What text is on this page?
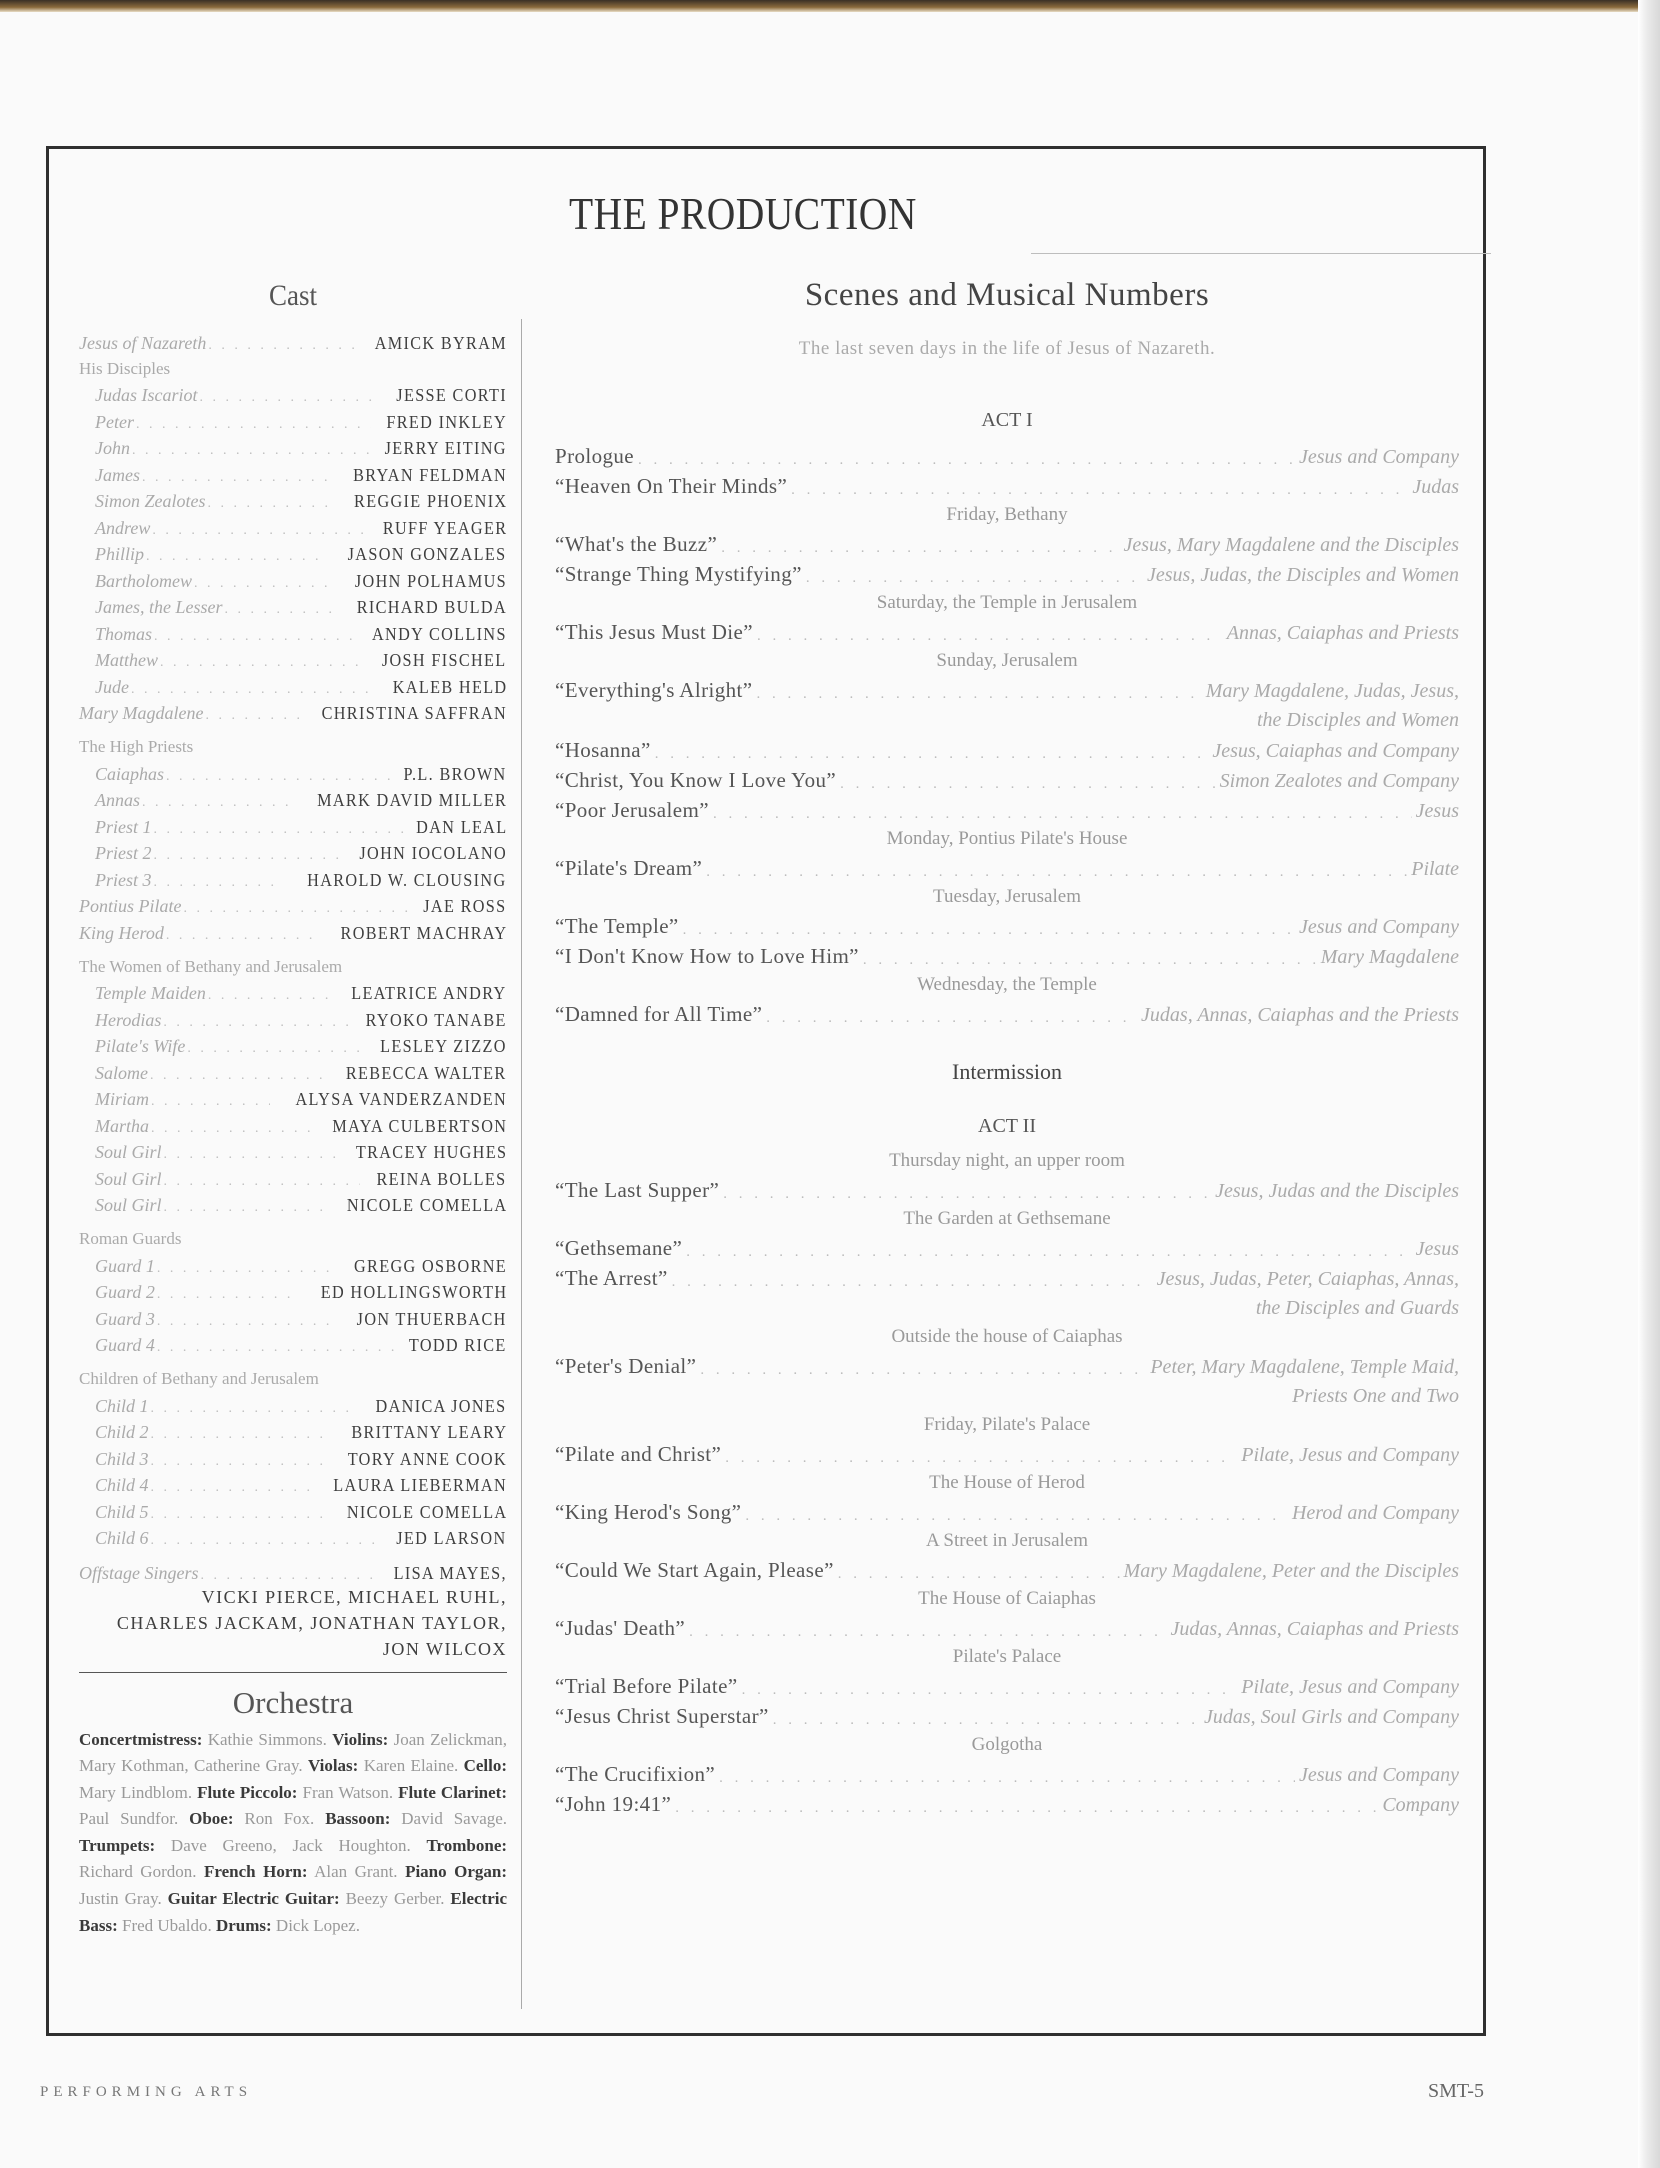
THE PRODUCTION
Cast
Jesus of Nazareth . . .	AMICK BYRAM
His Disciples
Judas Iscariot . . .	JESSE CORTI
Peter . . .	FRED INKLEY
John . . .	JERRY EITING
James . . .	BRYAN FELDMAN
Simon Zealotes . . .	REGGIE PHOENIX
Andrew . . .	RUFF YEAGER
Phillip . . .	JASON GONZALES
Bartholomew . . .	JOHN POLHAMUS
James, the Lesser . . .	RICHARD BULDA
Thomas . . .	ANDY COLLINS
Matthew . . .	JOSH FISCHEL
Jude . . .	KALEB HELD
Mary Magdalene . . .	CHRISTINA SAFFRAN
The High Priests
Caiaphas . . .	P.L. BROWN
Annas . . .	MARK DAVID MILLER
Priest 1 . . .	DAN LEAL
Priest 2 . . .	JOHN IOCOLANO
Priest 3 . . .	HAROLD W. CLOUSING
Pontius Pilate . . .	JAE ROSS
King Herod . . .	ROBERT MACHRAY
The Women of Bethany and Jerusalem
Temple Maiden . . .	LEATRICE ANDRY
Herodias . . .	RYOKO TANABE
Pilate's Wife . . .	LESLEY ZIZZO
Salome . . .	REBECCA WALTER
Miriam . . .	ALYSA VANDERZANDEN
Martha . . .	MAYA CULBERTSON
Soul Girl . . .	TRACEY HUGHES
Soul Girl . . .	REINA BOLLES
Soul Girl . . .	NICOLE COMELLA
Roman Guards
Guard 1 . . .	GREGG OSBORNE
Guard 2 . . .	ED HOLLINGSWORTH
Guard 3 . . .	JON THUERBACH
Guard 4 . . .	TODD RICE
Children of Bethany and Jerusalem
Child 1 . . .	DANICA JONES
Child 2 . . .	BRITTANY LEARY
Child 3 . . .	TORY ANNE COOK
Child 4 . . .	LAURA LIEBERMAN
Child 5 . . .	NICOLE COMELLA
Child 6 . . .	JED LARSON
Offstage Singers . . .	LISA MAYES,
VICKI PIERCE, MICHAEL RUHL,
CHARLES JACKAM, JONATHAN TAYLOR,
JON WILCOX
Orchestra
Concertmistress: Kathie Simmons. Violins: Joan Zelickman, Mary Kothman, Catherine Gray. Violas: Karen Elaine. Cello: Mary Lindblom. Flute Piccolo: Fran Watson. Flute Clarinet: Paul Sundfor. Oboe: Ron Fox. Bassoon: David Savage. Trumpets: Dave Greeno, Jack Houghton. Trombone: Richard Gordon. French Horn: Alan Grant. Piano Organ: Justin Gray. Guitar Electric Guitar: Beezy Gerber. Electric Bass: Fred Ubaldo. Drums: Dick Lopez.
Scenes and Musical Numbers
The last seven days in the life of Jesus of Nazareth.
ACT I
Prologue . . .	Jesus and Company
“Heaven On Their Minds” . . .	Judas
Friday, Bethany
“What's the Buzz” . . .	Jesus, Mary Magdalene and the Disciples
“Strange Thing Mystifying” . . .	Jesus, Judas, the Disciples and Women
Saturday, the Temple in Jerusalem
“This Jesus Must Die” . . .	Annas, Caiaphas and Priests
Sunday, Jerusalem
“Everything's Alright” . . .	Mary Magdalene, Judas, Jesus,
the Disciples and Women
“Hosanna” . . .	Jesus, Caiaphas and Company
“Christ, You Know I Love You” . . .	Simon Zealotes and Company
“Poor Jerusalem” . . .	Jesus
Monday, Pontius Pilate's House
“Pilate's Dream” . . .	Pilate
Tuesday, Jerusalem
“The Temple” . . .	Jesus and Company
“I Don't Know How to Love Him” . . .	Mary Magdalene
Wednesday, the Temple
“Damned for All Time” . . .	Judas, Annas, Caiaphas and the Priests
Intermission
ACT II
Thursday night, an upper room
“The Last Supper” . . .	Jesus, Judas and the Disciples
The Garden at Gethsemane
“Gethsemane” . . .	Jesus
“The Arrest” . . .	Jesus, Judas, Peter, Caiaphas, Annas,
the Disciples and Guards
Outside the house of Caiaphas
“Peter's Denial” . . .	Peter, Mary Magdalene, Temple Maid,
Priests One and Two
Friday, Pilate's Palace
“Pilate and Christ” . . .	Pilate, Jesus and Company
The House of Herod
“King Herod's Song” . . .	Herod and Company
A Street in Jerusalem
“Could We Start Again, Please” . . .	Mary Magdalene, Peter and the Disciples
The House of Caiaphas
“Judas' Death” . . .	Judas, Annas, Caiaphas and Priests
Pilate's Palace
“Trial Before Pilate” . . .	Pilate, Jesus and Company
“Jesus Christ Superstar” . . .	Judas, Soul Girls and Company
Golgotha
“The Crucifixion” . . .	Jesus and Company
“John 19:41” . . .	Company
PERFORMING ARTS	SMT-5
